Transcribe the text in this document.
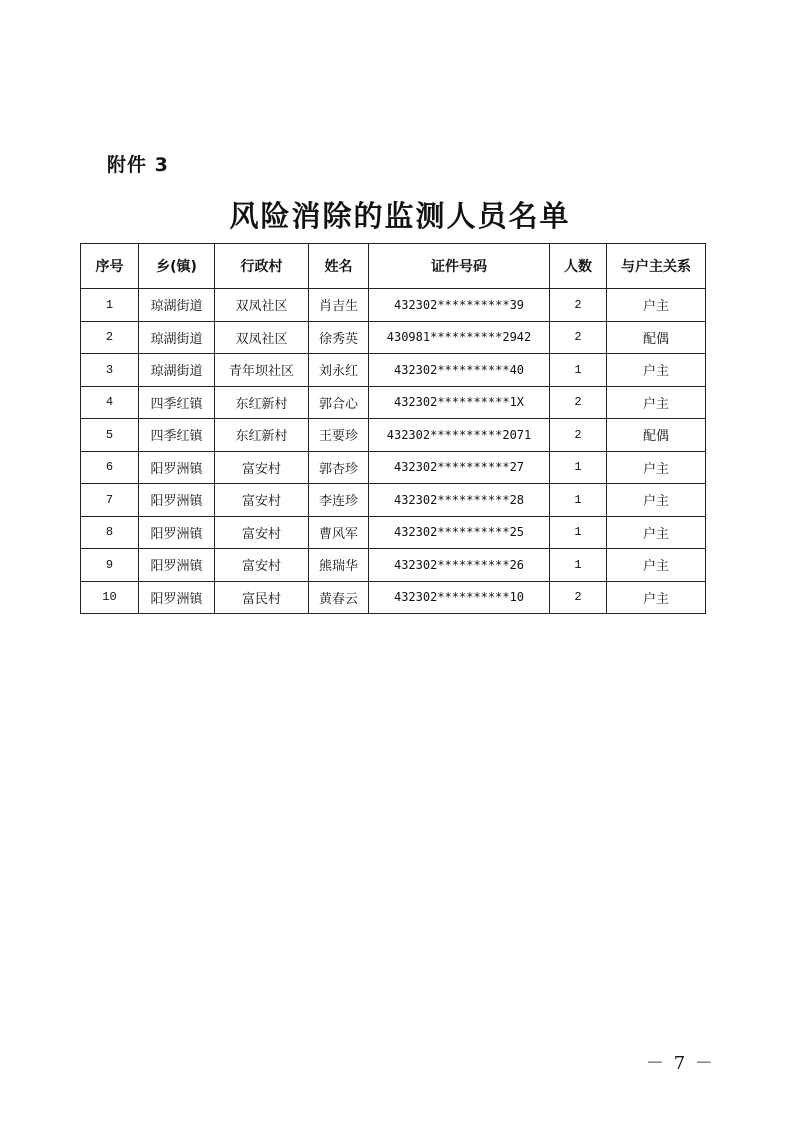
附件 3
风险消除的监测人员名单
序号	乡(镇)	行政村	姓名	证件号码	人数	与户主关系
1	琼湖街道	双凤社区	肖吉生	432302**********39	2	户主
2	琼湖街道	双凤社区	徐秀英	430981**********2942	2	配偶
3	琼湖街道	青年坝社区	刘永红	432302**********40	1	户主
4	四季红镇	东红新村	郭合心	432302**********1X	2	户主
5	四季红镇	东红新村	王要珍	432302**********2071	2	配偶
6	阳罗洲镇	富安村	郭杏珍	432302**********27	1	户主
7	阳罗洲镇	富安村	李连珍	432302**********28	1	户主
8	阳罗洲镇	富安村	曹风军	432302**********25	1	户主
9	阳罗洲镇	富安村	熊瑞华	432302**********26	1	户主
10	阳罗洲镇	富民村	黄春云	432302**********10	2	户主
－ 7 －
